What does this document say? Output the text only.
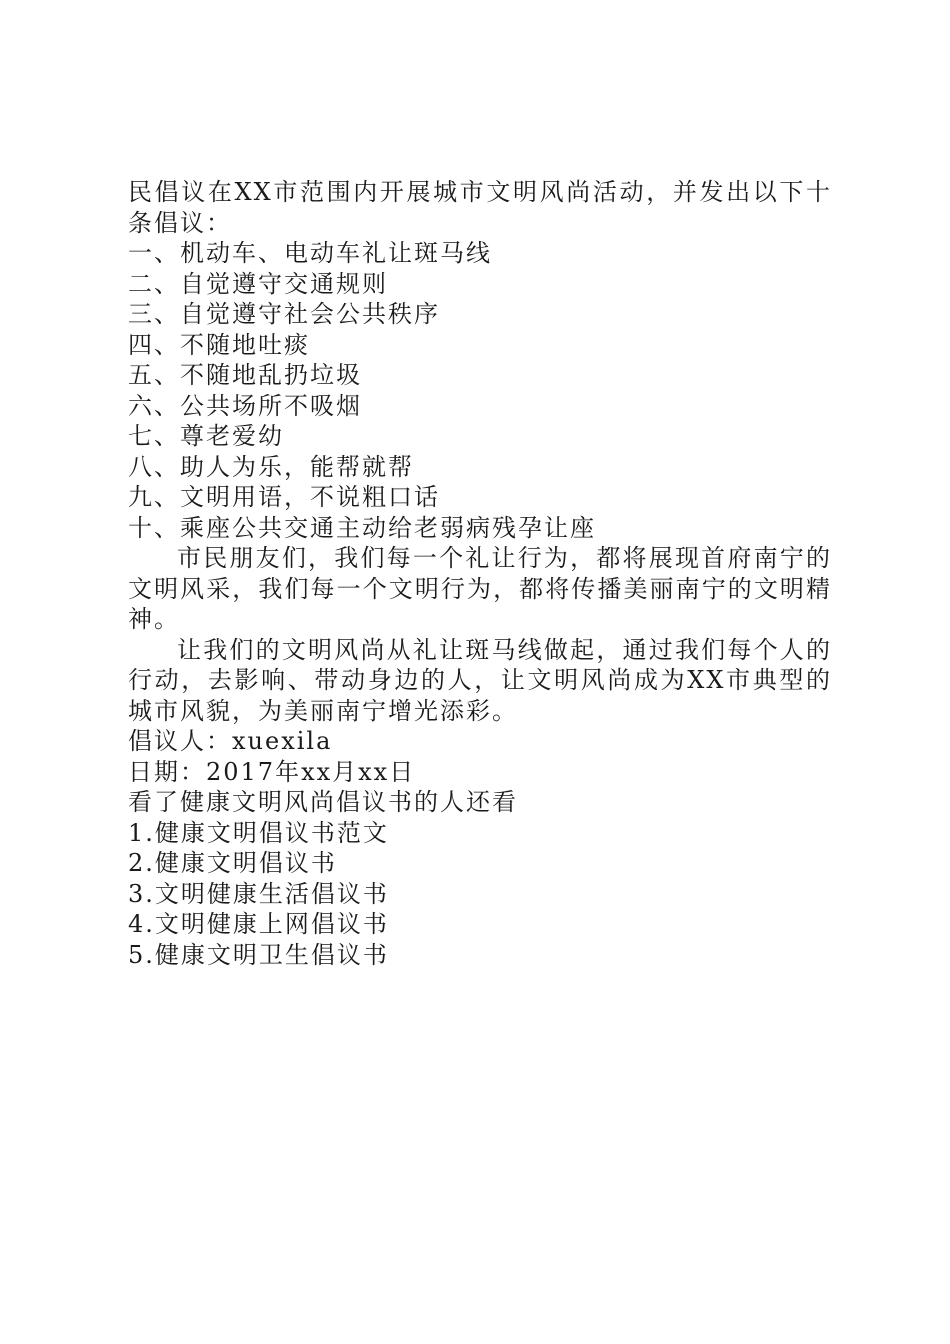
民倡议在XX市范围内开展城市文明风尚活动，并发出以下十条倡议：

一、机动车、电动车礼让斑马线

二、自觉遵守交通规则

三、自觉遵守社会公共秩序

四、不随地吐痰

五、不随地乱扔垃圾

六、公共场所不吸烟

七、尊老爱幼

八、助人为乐，能帮就帮

九、文明用语，不说粗口话

十、乘座公共交通主动给老弱病残孕让座

市民朋友们，我们每一个礼让行为，都将展现首府南宁的文明风采，我们每一个文明行为，都将传播美丽南宁的文明精神。

让我们的文明风尚从礼让斑马线做起，通过我们每个人的行动，去影响、带动身边的人，让文明风尚成为XX市典型的城市风貌，为美丽南宁增光添彩。

倡议人：xuexila

日期：2017年xx月xx日

看了健康文明风尚倡议书的人还看

1.健康文明倡议书范文

2.健康文明倡议书

3.文明健康生活倡议书

4.文明健康上网倡议书

5.健康文明卫生倡议书
